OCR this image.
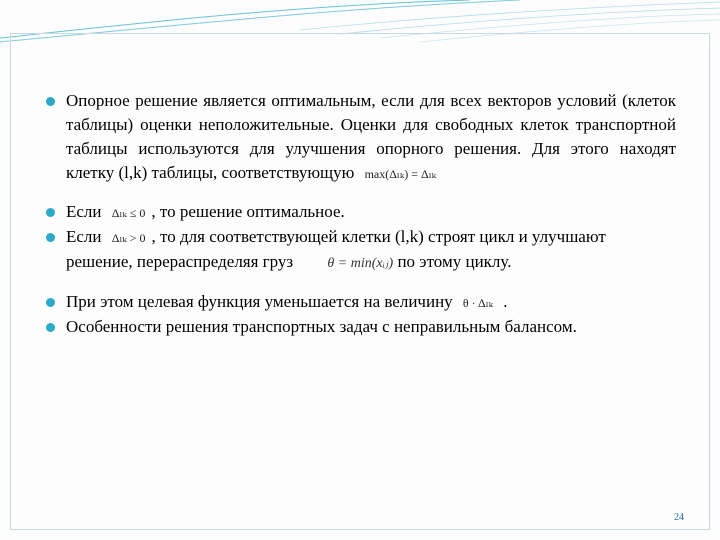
Опорное решение является оптимальным, если для всех векторов условий (клеток таблицы) оценки неположительные. Оценки для свободных клеток транспортной таблицы используются для улучшения опорного решения. Для этого находят клетку (l,k) таблицы, соответствующую max(Δₗₖ) = Δₗₖ
Если Δₗₖ ≤ 0 , то решение оптимальное.
Если Δₗₖ > 0 , то для соответствующей клетки (l,k) строят цикл и улучшают
решение, перераспределяя груз θ = min(xᵢⱼ) по этому циклу.
При этом целевая функция уменьшается на величину θ · Δₗₖ .
Особенности решения транспортных задач с неправильным балансом.
24
